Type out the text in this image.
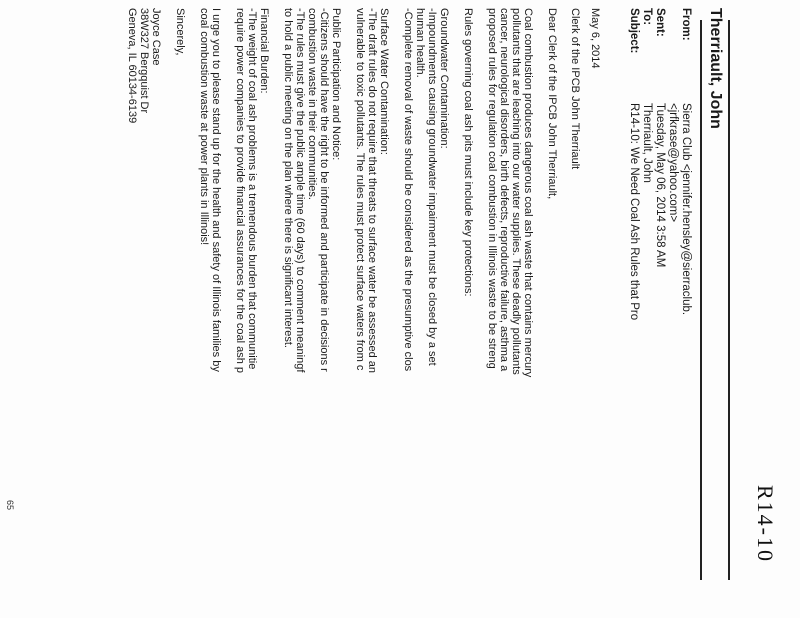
R14-10
Therriault, John
From:
Sierra Club <jennifer.hensley@sierraclub.
<jrfkrase@yahoo.com>
Sent:
Tuesday, May 06, 2014 3:58 AM
To:
Therriault, John
Subject:
R14-10: We Need Coal Ash Rules that Pro
May 6, 2014
Clerk of the IPCB John Therriault
Dear Clerk of the IPCB John Therriault,
Coal combustion produces dangerous coal ash waste that contains mercury
pollutants that are leaching into our water supplies. These deadly pollutants
cancer, neurological disorders, birth defects, reproductive failure, asthma a
proposed rules for regulation coal combustion in Illinois waste to be streng
Rules governing coal ash pits must include key protections:
Groundwater Contamination:
-Impoundments causing groundwater impairment must be closed by a set
human health.
-Complete removal of waste should be considered as the presumptive clos
Surface Water Contamination:
-The draft rules do not require that threats to surface water be assessed an
vulnerable to toxic pollutants. The rules must protect surface waters from c
Public Participation and Notice:
-Citizens should have the right to be informed and participate in decisions r
combustion waste in their communities.
-The rules must give the public ample time (60 days) to comment meaningf
to hold a public meeting on the plan where there is significant interest.
Financial Burden:
-The weight of coal ash problems is a tremendous burden that communitie
require power companies to provide financial assurances for the coal ash p
I urge you to please stand up for the health and safety of Illinois families by
coal combustion waste at power plants in Illinois!
Sincerely,
Joyce Case
38W327 Bergquist Dr
Geneva, IL 60134-6139
65
